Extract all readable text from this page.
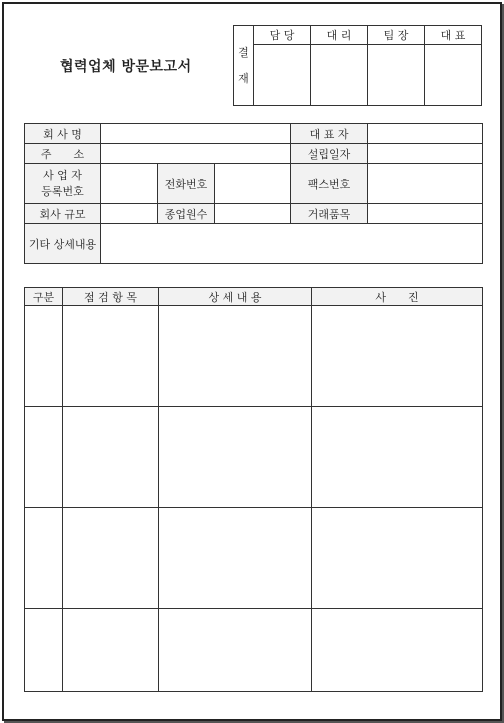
협력업체 방문보고서
결
재	담 당	대 리	팀 장	대 표

회 사 명				대 표 자	
주　　소				설립일자	

사 업 자
등록번호		전화번호		팩스번호	
회사 규모		종업원수		거래품목	
기타 상세내용					
구분	점 검 항 목	상 세 내 용	사　　진
